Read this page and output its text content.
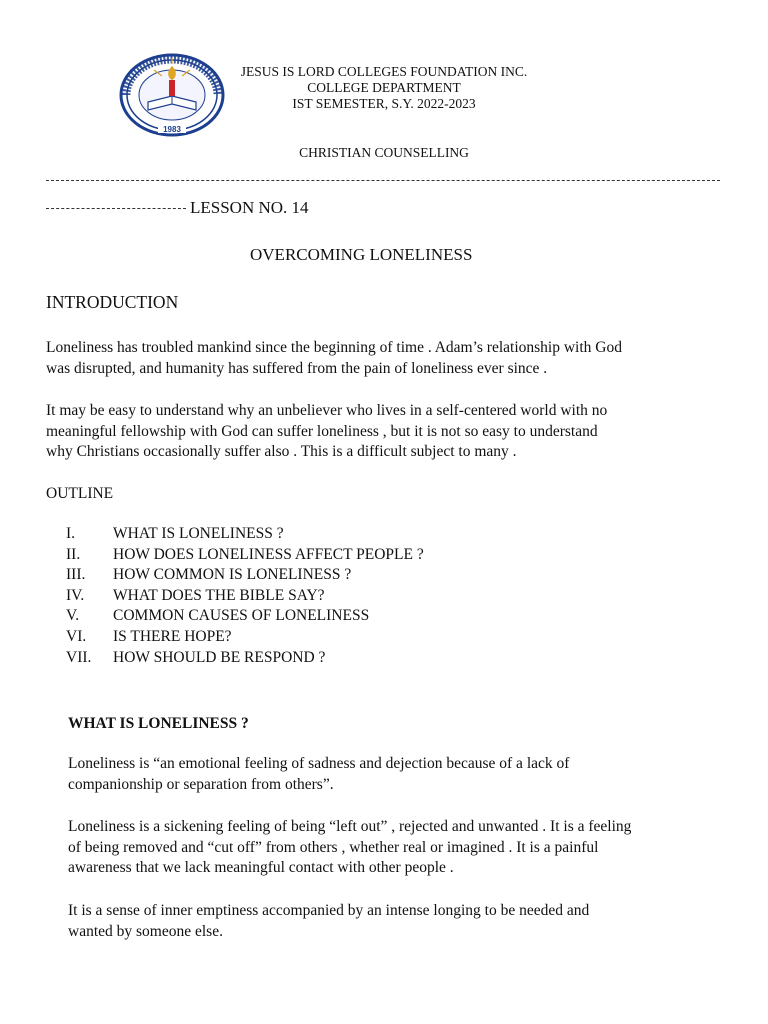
1983
JESUS IS LORD COLLEGES FOUNDATION INC.
COLLEGE DEPARTMENT
IST SEMESTER, S.Y. 2022-2023
CHRISTIAN COUNSELLING
LESSON NO. 14
OVERCOMING LONELINESS
INTRODUCTION
Loneliness has troubled mankind since the beginning of time . Adam’s relationship with God
was disrupted, and humanity has suffered from the pain of loneliness ever since .
It may be easy to understand why an unbeliever who lives in a self-centered world with no
meaningful fellowship with God can suffer loneliness , but it is not so easy to understand
why Christians occasionally suffer also . This is a difficult subject to many .
OUTLINE
I. WHAT IS LONELINESS ?
II. HOW DOES LONELINESS AFFECT PEOPLE ?
III. HOW COMMON IS LONELINESS ?
IV. WHAT DOES THE BIBLE SAY?
V. COMMON CAUSES OF LONELINESS
VI. IS THERE HOPE?
VII. HOW SHOULD BE RESPOND ?
WHAT IS LONELINESS ?
Loneliness is “an emotional feeling of sadness and dejection because of a lack of
companionship or separation from others”.
Loneliness is a sickening feeling of being “left out” , rejected and unwanted . It is a feeling
of being removed and “cut off” from others , whether real or imagined . It is a painful
awareness that we lack meaningful contact with other people .
It is a sense of inner emptiness accompanied by an intense longing to be needed and
wanted by someone else.
